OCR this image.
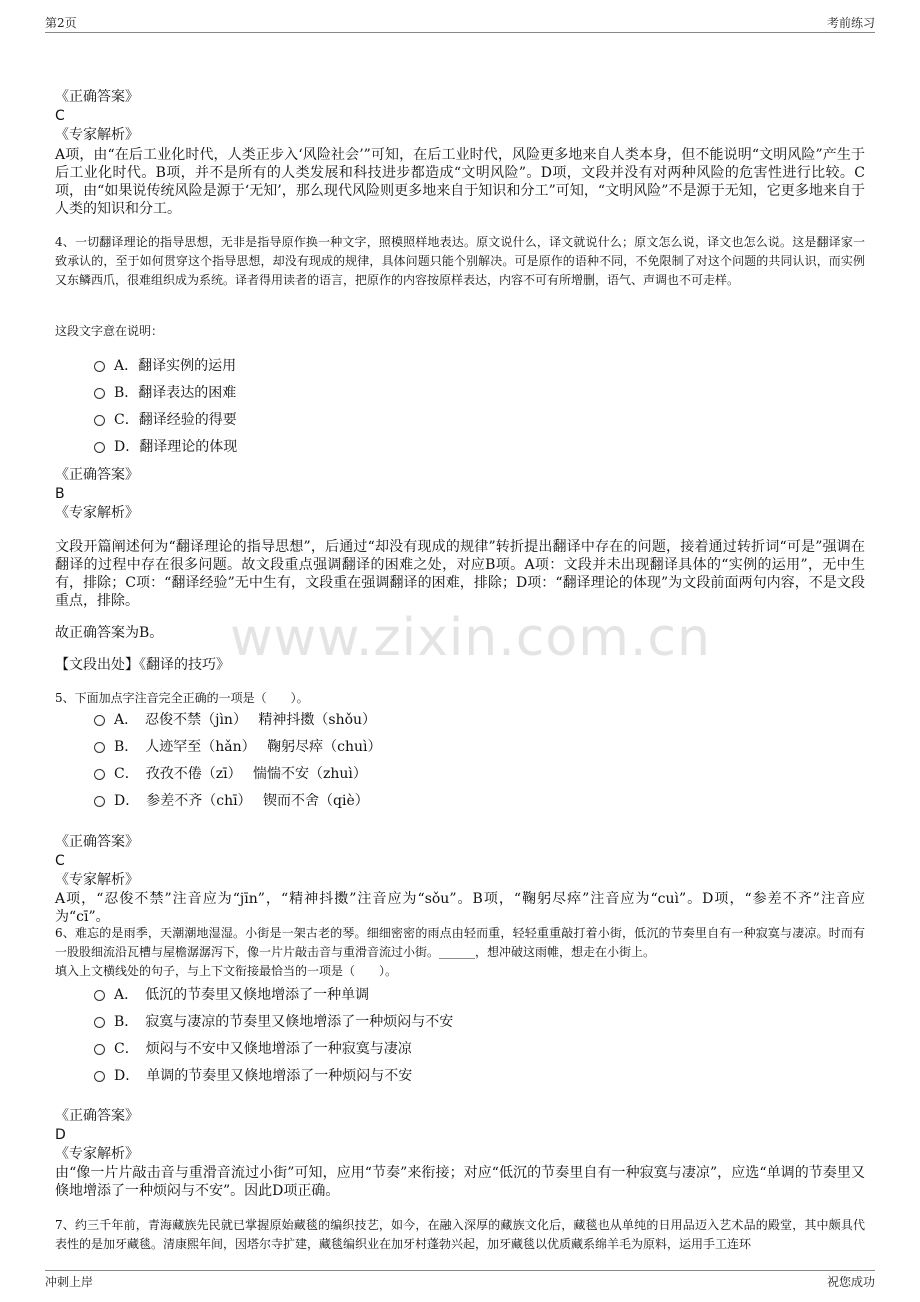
第2页	考前练习
www.zixin.com.cn
《正确答案》
C
《专家解析》
A项，由“在后工业化时代，人类正步入‘风险社会’”可知，在后工业时代，风险更多地来自人类本身，但不能说明“文明风险”产生于后工业化时代。B项，并不是所有的人类发展和科技进步都造成“文明风险”。D项，文段并没有对两种风险的危害性进行比较。C项，由“如果说传统风险是源于‘无知’，那么现代风险则更多地来自于知识和分工”可知，“文明风险”不是源于无知，它更多地来自于人类的知识和分工。
4、一切翻译理论的指导思想，无非是指导原作换一种文字，照模照样地表达。原文说什么，译文就说什么；原文怎么说，译文也怎么说。这是翻译家一致承认的，至于如何贯穿这个指导思想，却没有现成的规律，具体问题只能个别解决。可是原作的语种不同，不免限制了对这个问题的共同认识，而实例又东鳞西爪，很难组织成为系统。译者得用读者的语言，把原作的内容按原样表达，内容不可有所增删，语气、声调也不可走样。
这段文字意在说明：
A．翻译实例的运用
B．翻译表达的困难
C．翻译经验的得要
D．翻译理论的体现
《正确答案》
B
《专家解析》
文段开篇阐述何为“翻译理论的指导思想”，后通过“却没有现成的规律”转折提出翻译中存在的问题，接着通过转折词“可是”强调在翻译的过程中存在很多问题。故文段重点强调翻译的困难之处，对应B项。A项：文段并未出现翻译具体的“实例的运用”，无中生有，排除；C项：“翻译经验”无中生有，文段重在强调翻译的困难，排除；D项：“翻译理论的体现”为文段前面两句内容，不是文段重点，排除。
故正确答案为B。
【文段出处】《翻译的技巧》
5、下面加点字注音完全正确的一项是（　　）。
A．　忍俊不禁（jìn）　 精神抖擞（shǒu）
B．　人迹罕至（hǎn）　 鞠躬尽瘁（chuì）
C．　孜孜不倦（zī）　 惴惴不安（zhuì）
D．　参差不齐（chī）　 锲而不舍（qiè）
《正确答案》
C
《专家解析》
A项，“忍俊不禁”注音应为“jīn”，“精神抖擞”注音应为“sǒu”。B项，“鞠躬尽瘁”注音应为“cuì”。D项，“参差不齐”注音应为“cī”。
6、难忘的是雨季，天潮潮地湿湿。小街是一架古老的琴。细细密密的雨点由轻而重，轻轻重重敲打着小街，低沉的节奏里自有一种寂寞与凄凉。时而有一股股细流沿瓦槽与屋檐潺潺泻下，像一片片敲击音与重滑音流过小街。______，想冲破这雨帷，想走在小街上。
填入上文横线处的句子，与上下文衔接最恰当的一项是（　　）。
A．　低沉的节奏里又倏地增添了一种单调
B．　寂寞与凄凉的节奏里又倏地增添了一种烦闷与不安
C．　烦闷与不安中又倏地增添了一种寂寞与凄凉
D．　单调的节奏里又倏地增添了一种烦闷与不安
《正确答案》
D
《专家解析》
由“像一片片敲击音与重滑音流过小街”可知，应用“节奏”来衔接；对应“低沉的节奏里自有一种寂寞与凄凉”，应选“单调的节奏里又倏地增添了一种烦闷与不安”。因此D项正确。
7、约三千年前，青海藏族先民就已掌握原始藏毯的编织技艺，如今，在融入深厚的藏族文化后，藏毯也从单纯的日用品迈入艺术品的殿堂，其中颇具代表性的是加牙藏毯。清康熙年间，因塔尔寺扩建，藏毯编织业在加牙村蓬勃兴起，加牙藏毯以优质藏系绵羊毛为原料，运用手工连环
冲刺上岸	祝您成功
